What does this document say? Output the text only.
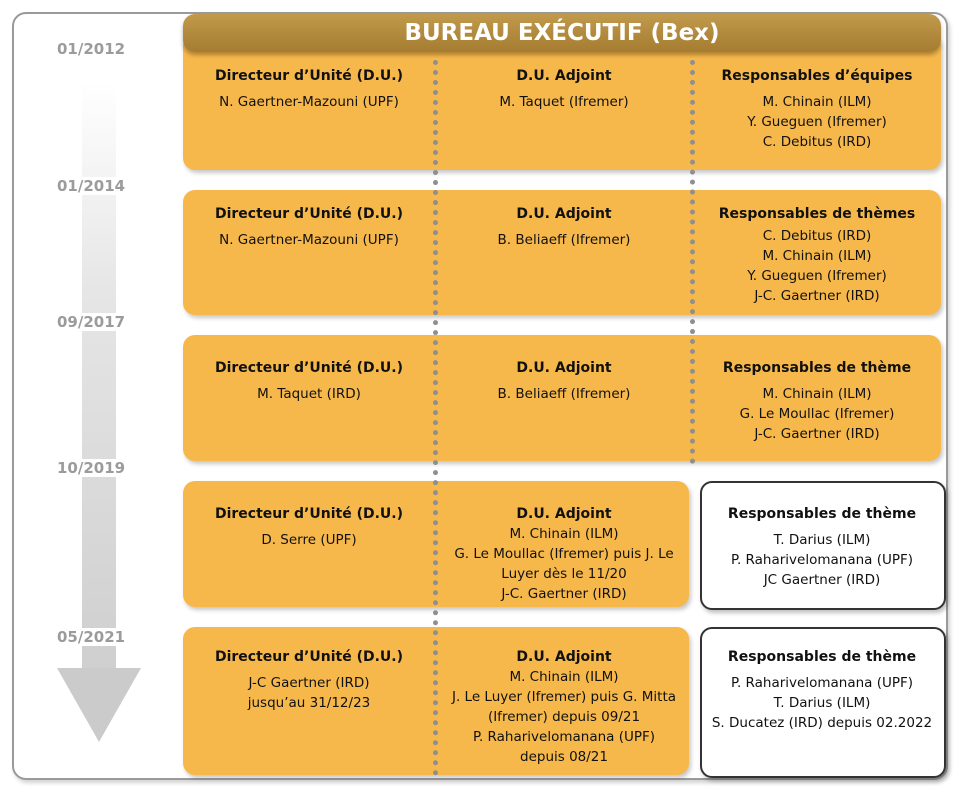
01/2012
01/2014
09/2017
10/2019
05/2021
BUREAU EXÉCUTIF (Bex)
Directeur d’Unité (D.U.)
N. Gaertner-Mazouni (UPF)
D.U. Adjoint
M. Taquet (Ifremer)
Responsables d’équipes
M. Chinain (ILM)
Y. Gueguen (Ifremer)
C. Debitus (IRD)
Directeur d’Unité (D.U.)
N. Gaertner-Mazouni (UPF)
D.U. Adjoint
B. Beliaeff (Ifremer)
Responsables de thèmes
C. Debitus (IRD)
M. Chinain (ILM)
Y. Gueguen (Ifremer)
J-C. Gaertner (IRD)
Directeur d’Unité (D.U.)
M. Taquet (IRD)
D.U. Adjoint
B. Beliaeff (Ifremer)
Responsables de thème
M. Chinain (ILM)
G. Le Moullac (Ifremer)
J-C. Gaertner (IRD)
Directeur d’Unité (D.U.)
D. Serre (UPF)
D.U. Adjoint
M. Chinain (ILM)
G. Le Moullac (Ifremer) puis J. Le
Luyer dès le 11/20
J-C. Gaertner (IRD)
Responsables de thème
T. Darius (ILM)
P. Raharivelomanana (UPF)
JC Gaertner (IRD)
Directeur d’Unité (D.U.)
J-C Gaertner (IRD)
jusqu’au 31/12/23
D.U. Adjoint
M. Chinain (ILM)
J. Le Luyer (Ifremer) puis G. Mitta
(Ifremer) depuis 09/21
P. Raharivelomanana (UPF)
depuis 08/21
Responsables de thème
P. Raharivelomanana (UPF)
T. Darius (ILM)
S. Ducatez (IRD) depuis 02.2022
